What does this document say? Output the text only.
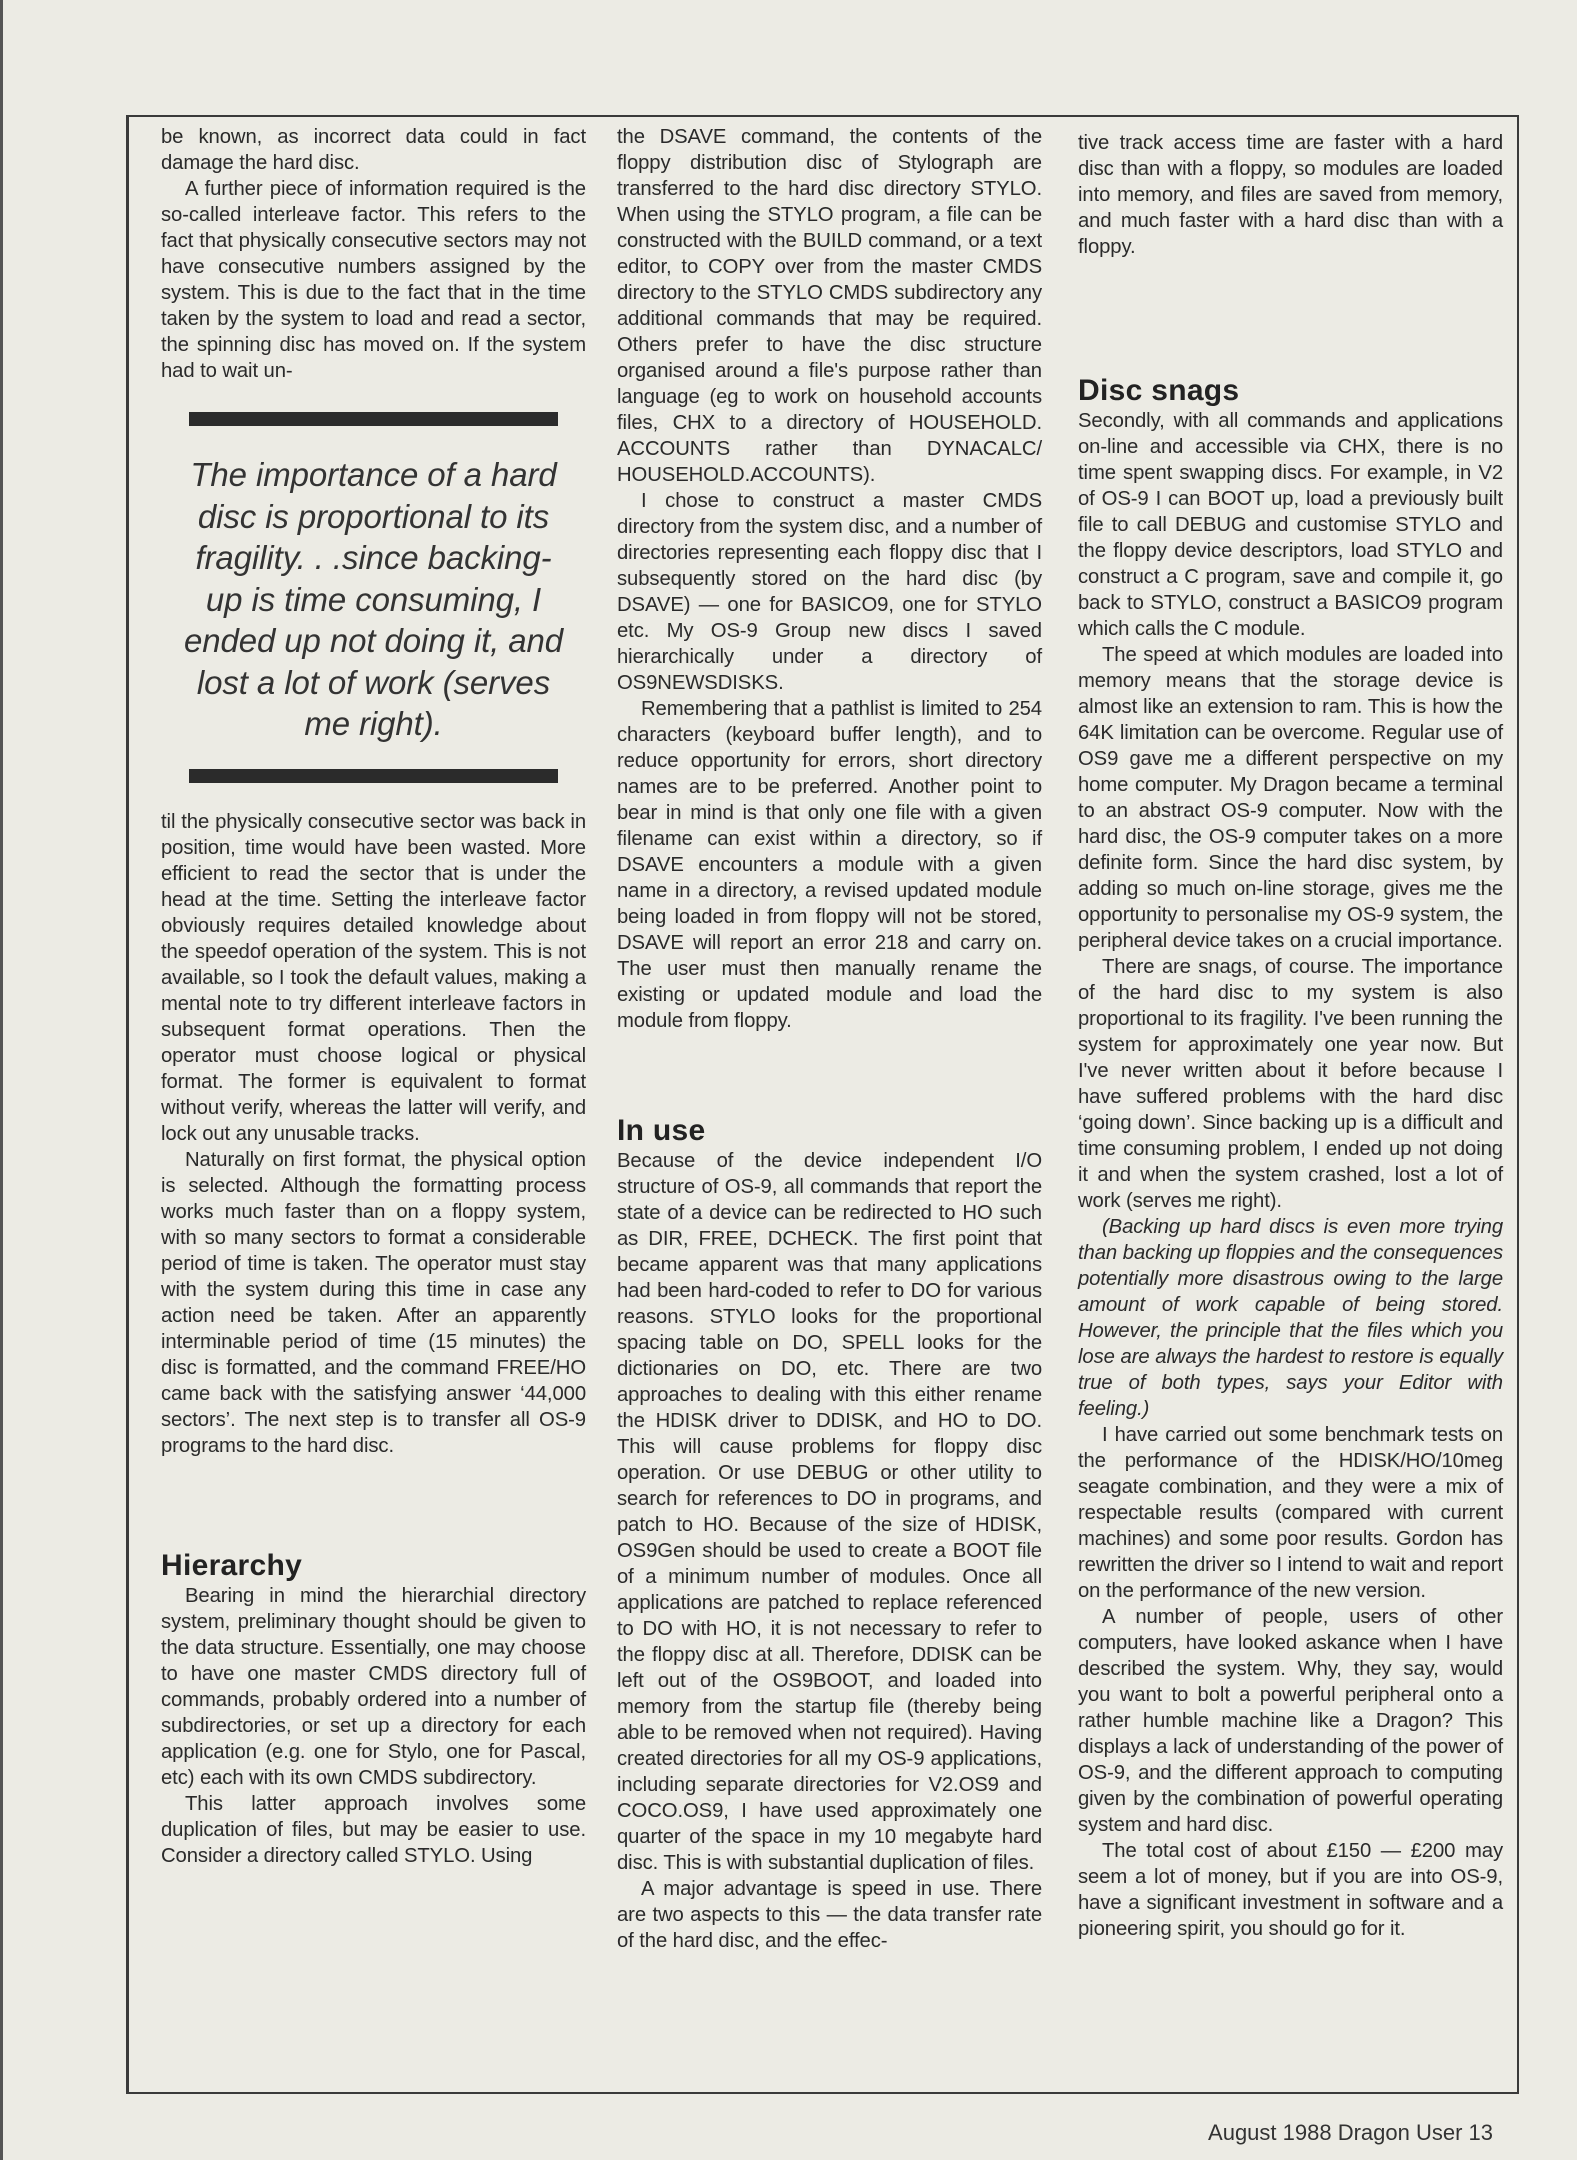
be known, as incorrect data could in fact damage the hard disc.

A further piece of information required is the so-called interleave factor. This refers to the fact that physically consecutive sectors may not have consecutive numbers assigned by the system. This is due to the fact that in the time taken by the system to load and read a sector, the spinning disc has moved on. If the system had to wait un-

The importance of a hard disc is proportional to its fragility. . .since backing-up is time consuming, I ended up not doing it, and lost a lot of work (serves me right).

til the physically consecutive sector was back in position, time would have been wasted. More efficient to read the sector that is under the head at the time. Setting the interleave factor obviously requires detailed knowledge about the speedof operation of the system. This is not available, so I took the default values, making a mental note to try different interleave factors in subsequent format operations. Then the operator must choose logical or physical format. The former is equivalent to format without verify, whereas the latter will verify, and lock out any unusable tracks.

Naturally on first format, the physical option is selected. Although the formatting process works much faster than on a floppy system, with so many sectors to format a considerable period of time is taken. The operator must stay with the system during this time in case any action need be taken. After an apparently interminable period of time (15 minutes) the disc is formatted, and the command FREE/HO came back with the satisfying answer ‘44,000 sectors’. The next step is to transfer all OS-9 programs to the hard disc.

Hierarchy

Bearing in mind the hierarchial directory system, preliminary thought should be given to the data structure. Essentially, one may choose to have one master CMDS directory full of commands, probably ordered into a number of subdirectories, or set up a directory for each application (e.g. one for Stylo, one for Pascal, etc) each with its own CMDS subdirectory.

This latter approach involves some duplication of files, but may be easier to use. Consider a directory called STYLO. Using

the DSAVE command, the contents of the floppy distribution disc of Stylograph are transferred to the hard disc directory STYLO. When using the STYLO program, a file can be constructed with the BUILD command, or a text editor, to COPY over from the master CMDS directory to the STYLO CMDS subdirectory any additional commands that may be required. Others prefer to have the disc structure organised around a file's purpose rather than language (eg to work on household accounts files, CHX to a directory of HOUSEHOLD. ACCOUNTS rather than DYNACALC/ HOUSEHOLD.ACCOUNTS).

I chose to construct a master CMDS directory from the system disc, and a number of directories representing each floppy disc that I subsequently stored on the hard disc (by DSAVE) — one for BASICO9, one for STYLO etc. My OS-9 Group new discs I saved hierarchically under a directory of OS9NEWSDISKS.

Remembering that a pathlist is limited to 254 characters (keyboard buffer length), and to reduce opportunity for errors, short directory names are to be preferred. Another point to bear in mind is that only one file with a given filename can exist within a directory, so if DSAVE encounters a module with a given name in a directory, a revised updated module being loaded in from floppy will not be stored, DSAVE will report an error 218 and carry on. The user must then manually rename the existing or updated module and load the module from floppy.

In use

Because of the device independent I/O structure of OS-9, all commands that report the state of a device can be redirected to HO such as DIR, FREE, DCHECK. The first point that became apparent was that many applications had been hard-coded to refer to DO for various reasons. STYLO looks for the proportional spacing table on DO, SPELL looks for the dictionaries on DO, etc. There are two approaches to dealing with this either rename the HDISK driver to DDISK, and HO to DO. This will cause problems for floppy disc operation. Or use DEBUG or other utility to search for references to DO in programs, and patch to HO. Because of the size of HDISK, OS9Gen should be used to create a BOOT file of a minimum number of modules. Once all applications are patched to replace referenced to DO with HO, it is not necessary to refer to the floppy disc at all. Therefore, DDISK can be left out of the OS9BOOT, and loaded into memory from the startup file (thereby being able to be removed when not required). Having created directories for all my OS-9 applications, including separate directories for V2.OS9 and COCO.OS9, I have used approximately one quarter of the space in my 10 megabyte hard disc. This is with substantial duplication of files.

A major advantage is speed in use. There are two aspects to this — the data transfer rate of the hard disc, and the effec-

tive track access time are faster with a hard disc than with a floppy, so modules are loaded into memory, and files are saved from memory, and much faster with a hard disc than with a floppy.

Disc snags

Secondly, with all commands and applications on-line and accessible via CHX, there is no time spent swapping discs. For example, in V2 of OS-9 I can BOOT up, load a previously built file to call DEBUG and customise STYLO and the floppy device descriptors, load STYLO and construct a C program, save and compile it, go back to STYLO, construct a BASICO9 program which calls the C module.

The speed at which modules are loaded into memory means that the storage device is almost like an extension to ram. This is how the 64K limitation can be overcome. Regular use of OS9 gave me a different perspective on my home computer. My Dragon became a terminal to an abstract OS-9 computer. Now with the hard disc, the OS-9 computer takes on a more definite form. Since the hard disc system, by adding so much on-line storage, gives me the opportunity to personalise my OS-9 system, the peripheral device takes on a crucial importance.

There are snags, of course. The importance of the hard disc to my system is also proportional to its fragility. I've been running the system for approximately one year now. But I've never written about it before because I have suffered problems with the hard disc ‘going down’. Since backing up is a difficult and time consuming problem, I ended up not doing it and when the system crashed, lost a lot of work (serves me right).

(Backing up hard discs is even more trying than backing up floppies and the consequences potentially more disastrous owing to the large amount of work capable of being stored. However, the principle that the files which you lose are always the hardest to restore is equally true of both types, says your Editor with feeling.)

I have carried out some benchmark tests on the performance of the HDISK/HO/10meg seagate combination, and they were a mix of respectable results (compared with current machines) and some poor results. Gordon has rewritten the driver so I intend to wait and report on the performance of the new version.

A number of people, users of other computers, have looked askance when I have described the system. Why, they say, would you want to bolt a powerful peripheral onto a rather humble machine like a Dragon? This displays a lack of understanding of the power of OS-9, and the different approach to computing given by the combination of powerful operating system and hard disc.

The total cost of about £150 — £200 may seem a lot of money, but if you are into OS-9, have a significant investment in software and a pioneering spirit, you should go for it.

August 1988 Dragon User 13
